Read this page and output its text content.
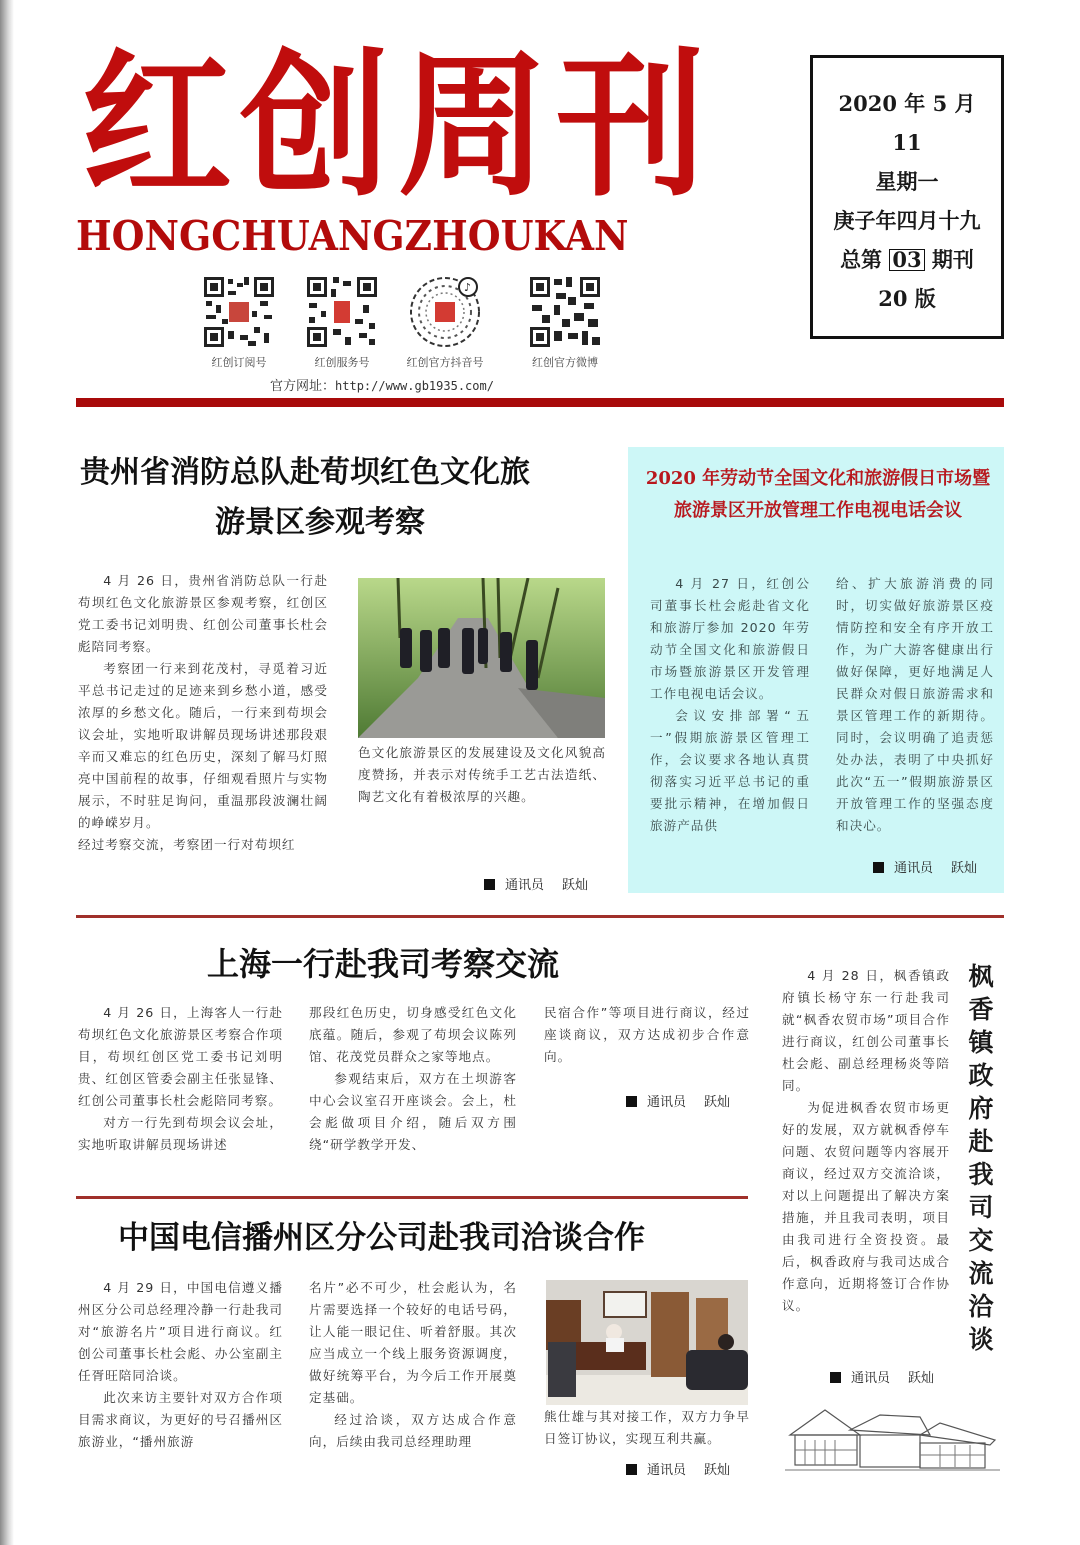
红创周刊
HONGCHUANGZHOUKAN
2020 年 5 月
11
星期一
庚子年四月十九
总第 03 期刊
20 版
红创订阅号	红创服务号
♪
红创官方抖音号	红创官方微博
官方网址：http://www.gb1935.com/
贵州省消防总队赴荀坝红色文化旅
游景区参观考察

4 月 26 日，贵州省消防总队一行赴苟坝红色文化旅游景区参观考察，红创区党工委书记刘明贵、红创公司董事长杜会彪陪同考察。

考察团一行来到花茂村，寻觅着习近平总书记走过的足迹来到乡愁小道，感受浓厚的乡愁文化。随后，一行来到苟坝会议会址，实地听取讲解员现场讲述那段艰辛而又难忘的红色历史，深刻了解马灯照亮中国前程的故事，仔细观看照片与实物展示，不时驻足询问，重温那段波澜壮阔的峥嵘岁月。

经过考察交流，考察团一行对苟坝红

色文化旅游景区的发展建设及文化风貌高度赞扬，并表示对传统手工艺古法造纸、陶艺文化有着极浓厚的兴趣。

通讯员 跃灿
2020 年劳动节全国文化和旅游假日市场暨旅游景区开放管理工作电视电话会议

4 月 27 日，红创公司董事长杜会彪赴省文化和旅游厅参加 2020 年劳动节全国文化和旅游假日市场暨旅游景区开发管理工作电视电话会议。

会议安排部署“五一”假期旅游景区管理工作，会议要求各地认真贯彻落实习近平总书记的重要批示精神，在增加假日旅游产品供

给、扩大旅游消费的同时，切实做好旅游景区疫情防控和安全有序开放工作，为广大游客健康出行做好保障，更好地满足人民群众对假日旅游需求和景区管理工作的新期待。同时，会议明确了追责惩处办法，表明了中央抓好此次“五一”假期旅游景区开放管理工作的坚强态度和决心。

通讯员 跃灿
上海一行赴我司考察交流

4 月 26 日，上海客人一行赴苟坝红色文化旅游景区考察合作项目，苟坝红创区党工委书记刘明贵、红创区管委会副主任张显锋、红创公司董事长杜会彪陪同考察。

对方一行先到苟坝会议会址，实地听取讲解员现场讲述

那段红色历史，切身感受红色文化底蕴。随后，参观了苟坝会议陈列馆、花茂党员群众之家等地点。

参观结束后，双方在土坝游客中心会议室召开座谈会。会上，杜会彪做项目介绍，随后双方围绕“研学教学开发、

民宿合作”等项目进行商议，经过座谈商议，双方达成初步合作意向。

通讯员 跃灿
中国电信播州区分公司赴我司洽谈合作

4 月 29 日，中国电信遵义播州区分公司总经理冷静一行赴我司对“旅游名片”项目进行商议。红创公司董事长杜会彪、办公室副主任胥旺陪同洽谈。

此次来访主要针对双方合作项目需求商议，为更好的号召播州区旅游业，“播州旅游

名片”必不可少，杜会彪认为，名片需要选择一个较好的电话号码，让人能一眼记住、听着舒服。其次应当成立一个线上服务资源调度，做好统筹平台，为今后工作开展奠定基础。

经过洽谈，双方达成合作意向，后续由我司总经理助理

熊仕雄与其对接工作，双方力争早日签订协议，实现互利共赢。

通讯员 跃灿

4 月 28 日，枫香镇政府镇长杨守东一行赴我司就“枫香农贸市场”项目合作进行商议，红创公司董事长杜会彪、副总经理杨炎等陪同。

为促进枫香农贸市场更好的发展，双方就枫香停车问题、农贸问题等内容展开商议，经过双方交流洽谈，对以上问题提出了解决方案措施，并且我司表明，项目由我司进行全资投资。最后，枫香政府与我司达成合作意向，近期将签订合作协议。

枫香镇政府赴我司交流洽谈
通讯员 跃灿
